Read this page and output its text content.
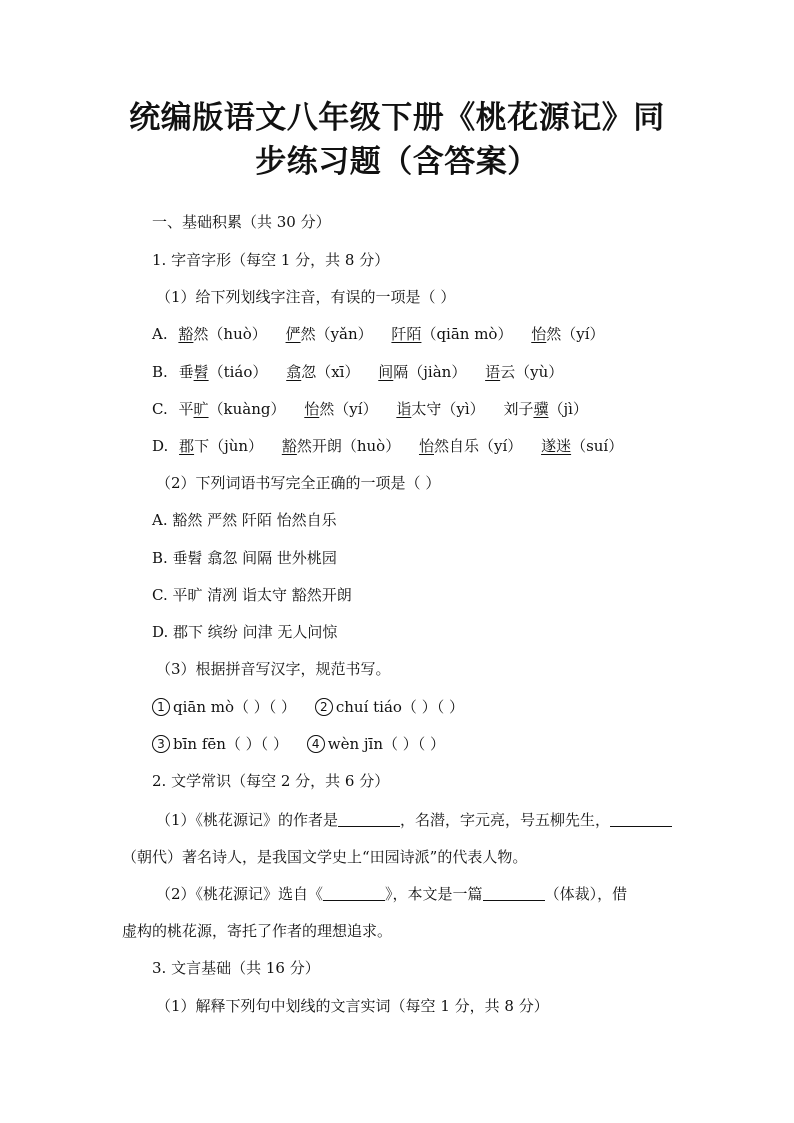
统编版语文八年级下册《桃花源记》同
步练习题（含答案）
一、基础积累（共 30 分）
1. 字音字形（每空 1 分，共 8 分）
（1）给下列划线字注音，有误的一项是（ ）
A. 豁然（huò） 俨然（yǎn） 阡陌（qiān mò） 怡然（yí）
B. 垂髫（tiáo） 翕忽（xī） 间隔（jiàn） 语云（yù）
C. 平旷（kuàng） 怡然（yí） 诣太守（yì） 刘子骥（jì）
D. 郡下（jùn） 豁然开朗（huò） 怡然自乐（yí） 遂迷（suí）
（2）下列词语书写完全正确的一项是（ ）
A. 豁然 严然 阡陌 怡然自乐
B. 垂髫 翕忽 间隔 世外桃园
C. 平旷 清冽 诣太守 豁然开朗
D. 郡下 缤纷 问津 无人问惊
（3）根据拼音写汉字，规范书写。
1 qiān mò（ ）（ ） 2 chuí tiáo（ ）（ ）
3 bīn fēn（ ）（ ） 4 wèn jīn（ ）（ ）
2. 文学常识（每空 2 分，共 6 分）
（1）《桃花源记》的作者是	，名潜，字元亮，号五柳先生，
（朝代）著名诗人，是我国文学史上“田园诗派”的代表人物。
（2）《桃花源记》选自《	》，本文是一篇	（体裁），借
虚构的桃花源，寄托了作者的理想追求。
3. 文言基础（共 16 分）
（1）解释下列句中划线的文言实词（每空 1 分，共 8 分）
